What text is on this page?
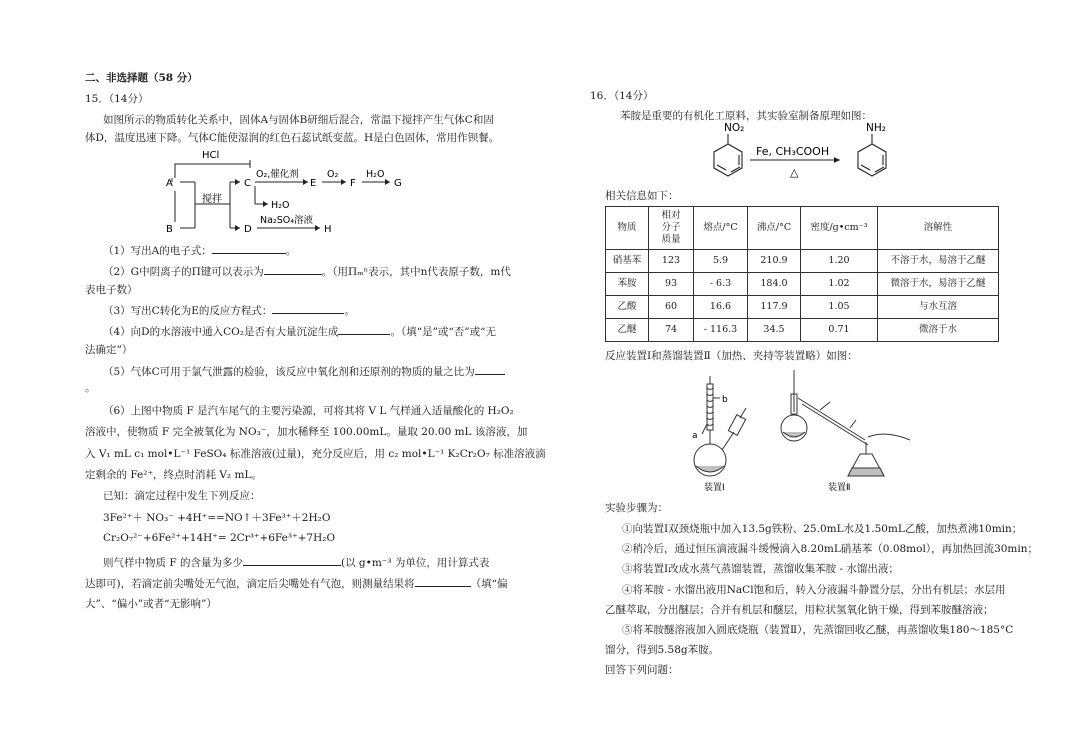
二、非选择题（58 分）
15．（14分）
如图所示的物质转化关系中，固体A与固体B研细后混合，常温下搅拌产生气体C和固
体D，温度迅速下降。气体C能使湿润的红色石蕊试纸变蓝。H是白色固体，常用作钡餐。
HCl
A
B
C
D
O₂,催化剂
E
O₂
F
H₂O
G
搅拌
H₂O
Na₂SO₄溶液
H
（1）写出A的电子式：	。
（2）G中阴离子的Π键可以表示为	。（用Πₘⁿ表示，其中n代表原子数，m代
表电子数）
（3）写出C转化为E的反应方程式：	。
（4）向D的水溶液中通入CO₂是否有大量沉淀生成	。（填“是”或“否”或“无
法确定”）
（5）气体C可用于氯气泄露的检验，该反应中氧化剂和还原剂的物质的量之比为
。
（6）上图中物质 F 是汽车尾气的主要污染源，可将其将 V L 气样通入适量酸化的 H₂O₂
溶液中，使物质 F 完全被氧化为 NO₃⁻，加水稀释至 100.00mL。量取 20.00 mL 该溶液，加
入 V₁ mL c₁ mol•L⁻¹ FeSO₄ 标准溶液(过量)，充分反应后，用 c₂ mol•L⁻¹ K₂Cr₂O₇ 标准溶液滴
定剩余的 Fe²⁺，终点时消耗 V₂ mL。
已知：滴定过程中发生下列反应：
3Fe²⁺＋ NO₃⁻ +4H⁺==NO↑＋3Fe³⁺＋2H₂O
Cr₂O₇²⁻+6Fe²⁺+14H⁺= 2Cr³⁺+6Fe³⁺+7H₂O
则气样中物质 F 的含量为多少	(以 g•m⁻³ 为单位，用计算式表
达即可)，若滴定前尖嘴处无气泡，滴定后尖嘴处有气泡，则测量结果将	（填“偏
大”、“偏小”或者“无影响”）
16．（14分）
苯胺是重要的有机化工原料，其实验室制备原理如图：
NO₂	NH₂
Fe, CH₃COOH
△
相关信息如下：
物质	相对分子质量	熔点/°C	沸点/°C	密度/g•cm⁻³	溶解性
硝基苯	123	5.9	210.9	1.20	不溶于水，易溶于乙醚
苯胺	93	- 6.3	184.0	1.02	微溶于水，易溶于乙醚
乙酸	60	16.6	117.9	1.05	与水互溶
乙醚	74	- 116.3	34.5	0.71	微溶于水
反应装置Ⅰ和蒸馏装置Ⅱ（加热、夹持等装置略）如图：
b
a
装置Ⅰ	装置Ⅱ
实验步骤为：
①向装置Ⅰ双颈烧瓶中加入13.5g铁粉、25.0mL水及1.50mL乙酸，加热煮沸10min；
②稍冷后，通过恒压滴液漏斗缓慢滴入8.20mL硝基苯（0.08mol），再加热回流30min；
③将装置Ⅰ改成水蒸气蒸馏装置，蒸馏收集苯胺 - 水馏出液；
④将苯胺 - 水馏出液用NaCl饱和后，转入分液漏斗静置分层，分出有机层；水层用
乙醚萃取，分出醚层；合并有机层和醚层，用粒状氢氧化钠干燥，得到苯胺醚溶液；
⑤将苯胺醚溶液加入圆底烧瓶（装置Ⅱ），先蒸馏回收乙醚，再蒸馏收集180～185°C
馏分，得到5.58g苯胺。
回答下列问题：
